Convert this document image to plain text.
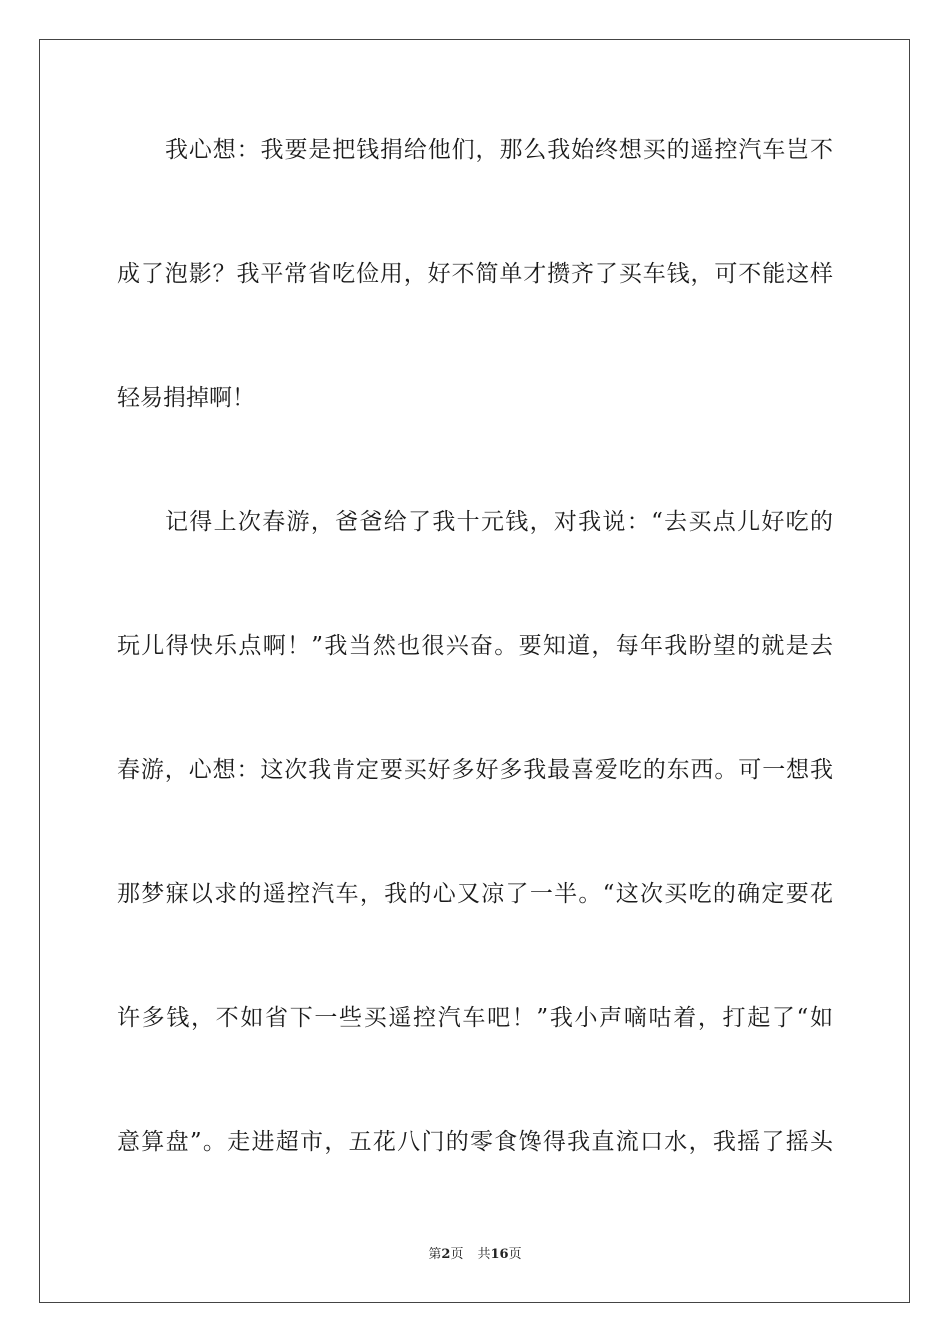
我心想：我要是把钱捐给他们，那么我始终想买的遥控汽车岂不
成了泡影？我平常省吃俭用，好不简单才攒齐了买车钱，可不能这样
轻易捐掉啊！
记得上次春游，爸爸给了我十元钱，对我说：“去买点儿好吃的
玩儿得快乐点啊！”我当然也很兴奋。要知道，每年我盼望的就是去
春游，心想：这次我肯定要买好多好多我最喜爱吃的东西。可一想我
那梦寐以求的遥控汽车，我的心又凉了一半。“这次买吃的确定要花
许多钱，不如省下一些买遥控汽车吧！”我小声嘀咕着，打起了“如
意算盘”。走进超市，五花八门的零食馋得我直流口水，我摇了摇头
第2页 共16页
